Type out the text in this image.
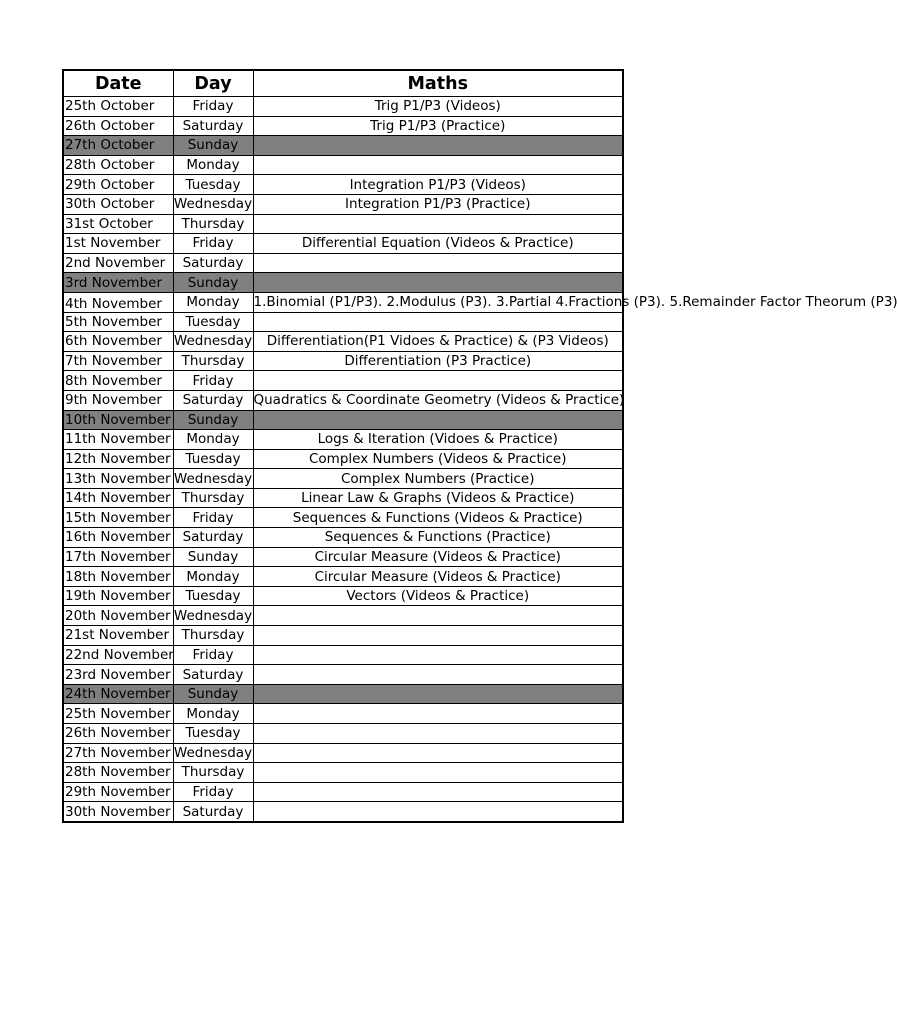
Date	Day	Maths
25th October	Friday	Trig P1/P3 (Videos)
26th October	Saturday	Trig P1/P3 (Practice)
27th October	Sunday	
28th October	Monday	
29th October	Tuesday	Integration P1/P3 (Videos)
30th October	Wednesday	Integration P1/P3 (Practice)
31st October	Thursday	
1st November	Friday	Differential Equation (Videos & Practice)
2nd November	Saturday	
3rd November	Sunday	
4th November	Monday	1.Binomial (P1/P3). 2.Modulus (P3). 3.Partial 4.Fractions (P3). 5.Remainder Factor Theorum (P3)
5th November	Tuesday	
6th November	Wednesday	Differentiation(P1 Vidoes & Practice) & (P3 Videos)
7th November	Thursday	Differentiation (P3 Practice)
8th November	Friday	
9th November	Saturday	Quadratics & Coordinate Geometry (Videos & Practice)
10th November	Sunday	
11th November	Monday	Logs & Iteration (Vidoes & Practice)
12th November	Tuesday	Complex Numbers (Videos & Practice)
13th November	Wednesday	Complex Numbers (Practice)
14th November	Thursday	Linear Law & Graphs (Videos & Practice)
15th November	Friday	Sequences & Functions (Videos & Practice)
16th November	Saturday	Sequences & Functions (Practice)
17th November	Sunday	Circular Measure (Videos & Practice)
18th November	Monday	Circular Measure (Videos & Practice)
19th November	Tuesday	Vectors (Videos & Practice)
20th November	Wednesday	
21st November	Thursday	
22nd November	Friday	
23rd November	Saturday	
24th November	Sunday	
25th November	Monday	
26th November	Tuesday	
27th November	Wednesday	
28th November	Thursday	
29th November	Friday	
30th November	Saturday	
